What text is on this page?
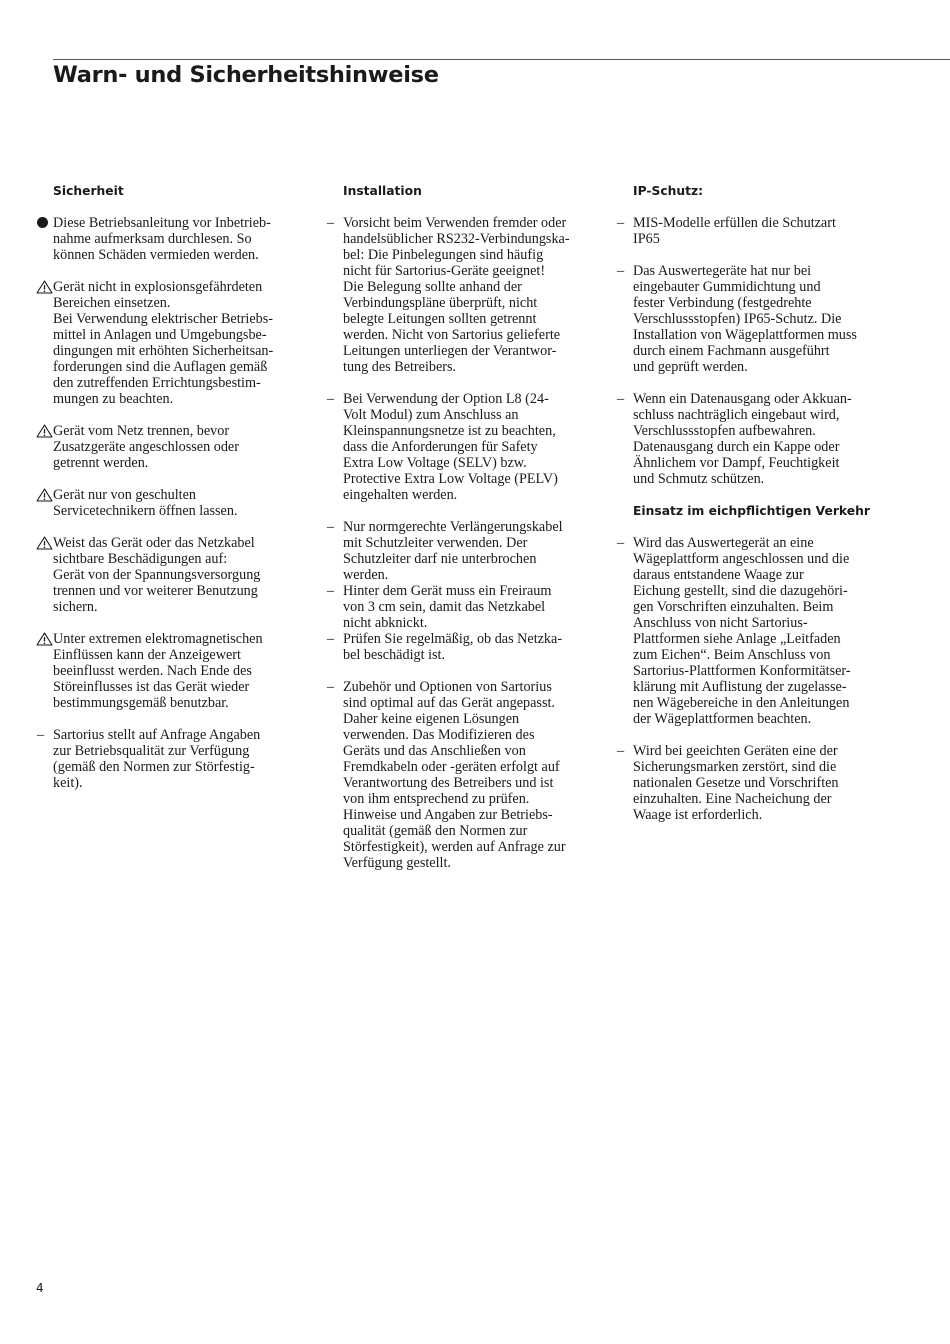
Warn- und Sicherheitshinweise
Sicherheit
Diese Betriebsanleitung vor Inbetrieb-
nahme aufmerksam durchlesen. So
können Schäden vermieden werden.
Gerät nicht in explosionsgefährdeten
Bereichen einsetzen.
Bei Verwendung elektrischer Betriebs-
mittel in Anlagen und Umgebungsbe-
dingungen mit erhöhten Sicherheitsan-
forderungen sind die Auflagen gemäß
den zutreffenden Errichtungsbestim-
mungen zu beachten.
Gerät vom Netz trennen, bevor
Zusatzgeräte angeschlossen oder
getrennt werden.
Gerät nur von geschulten
Servicetechnikern öffnen lassen.
Weist das Gerät oder das Netzkabel
sichtbare Beschädigungen auf:
Gerät von der Spannungsversorgung
trennen und vor weiterer Benutzung
sichern.
Unter extremen elektromagnetischen
Einflüssen kann der Anzeigewert
beeinflusst werden. Nach Ende des
Störeinflusses ist das Gerät wieder
bestimmungsgemäß benutzbar.
–
Sartorius stellt auf Anfrage Angaben
zur Betriebsqualität zur Verfügung
(gemäß den Normen zur Störfestig-
keit).
Installation
–
Vorsicht beim Verwenden fremder oder
handelsüblicher RS232-Verbindungska-
bel: Die Pinbelegungen sind häufig
nicht für Sartorius-Geräte geeignet!
Die Belegung sollte anhand der
Verbindungspläne überprüft, nicht
belegte Leitungen sollten getrennt
werden. Nicht von Sartorius gelieferte
Leitungen unterliegen der Verantwor-
tung des Betreibers.
–
Bei Verwendung der Option L8 (24-
Volt Modul) zum Anschluss an
Kleinspannungsnetze ist zu beachten,
dass die Anforderungen für Safety
Extra Low Voltage (SELV) bzw.
Protective Extra Low Voltage (PELV)
eingehalten werden.
–
Nur normgerechte Verlängerungskabel
mit Schutzleiter verwenden. Der
Schutzleiter darf nie unterbrochen
werden.
–
Hinter dem Gerät muss ein Freiraum
von 3 cm sein, damit das Netzkabel
nicht abknickt.
–
Prüfen Sie regelmäßig, ob das Netzka-
bel beschädigt ist.
–
Zubehör und Optionen von Sartorius
sind optimal auf das Gerät angepasst.
Daher keine eigenen Lösungen
verwenden. Das Modifizieren des
Geräts und das Anschließen von
Fremdkabeln oder -geräten erfolgt auf
Verantwortung des Betreibers und ist
von ihm entsprechend zu prüfen.
Hinweise und Angaben zur Betriebs-
qualität (gemäß den Normen zur
Störfestigkeit), werden auf Anfrage zur
Verfügung gestellt.
IP-Schutz:
–
MIS-Modelle erfüllen die Schutzart
IP65
–
Das Auswertegeräte hat nur bei
eingebauter Gummidichtung und
fester Verbindung (festgedrehte
Verschlussstopfen) IP65-Schutz. Die
Installation von Wägeplattformen muss
durch einem Fachmann ausgeführt
und geprüft werden.
–
Wenn ein Datenausgang oder Akkuan-
schluss nachträglich eingebaut wird,
Verschlussstopfen aufbewahren.
Datenausgang durch ein Kappe oder
Ähnlichem vor Dampf, Feuchtigkeit
und Schmutz schützen.
Einsatz im eichpflichtigen Verkehr
–
Wird das Auswertegerät an eine
Wägeplattform angeschlossen und die
daraus entstandene Waage zur
Eichung gestellt, sind die dazugehöri-
gen Vorschriften einzuhalten. Beim
Anschluss von nicht Sartorius-
Plattformen siehe Anlage „Leitfaden
zum Eichen“. Beim Anschluss von
Sartorius-Plattformen Konformitätser-
klärung mit Auflistung der zugelasse-
nen Wägebereiche in den Anleitungen
der Wägeplattformen beachten.
–
Wird bei geeichten Geräten eine der
Sicherungsmarken zerstört, sind die
nationalen Gesetze und Vorschriften
einzuhalten. Eine Nacheichung der
Waage ist erforderlich.
4
